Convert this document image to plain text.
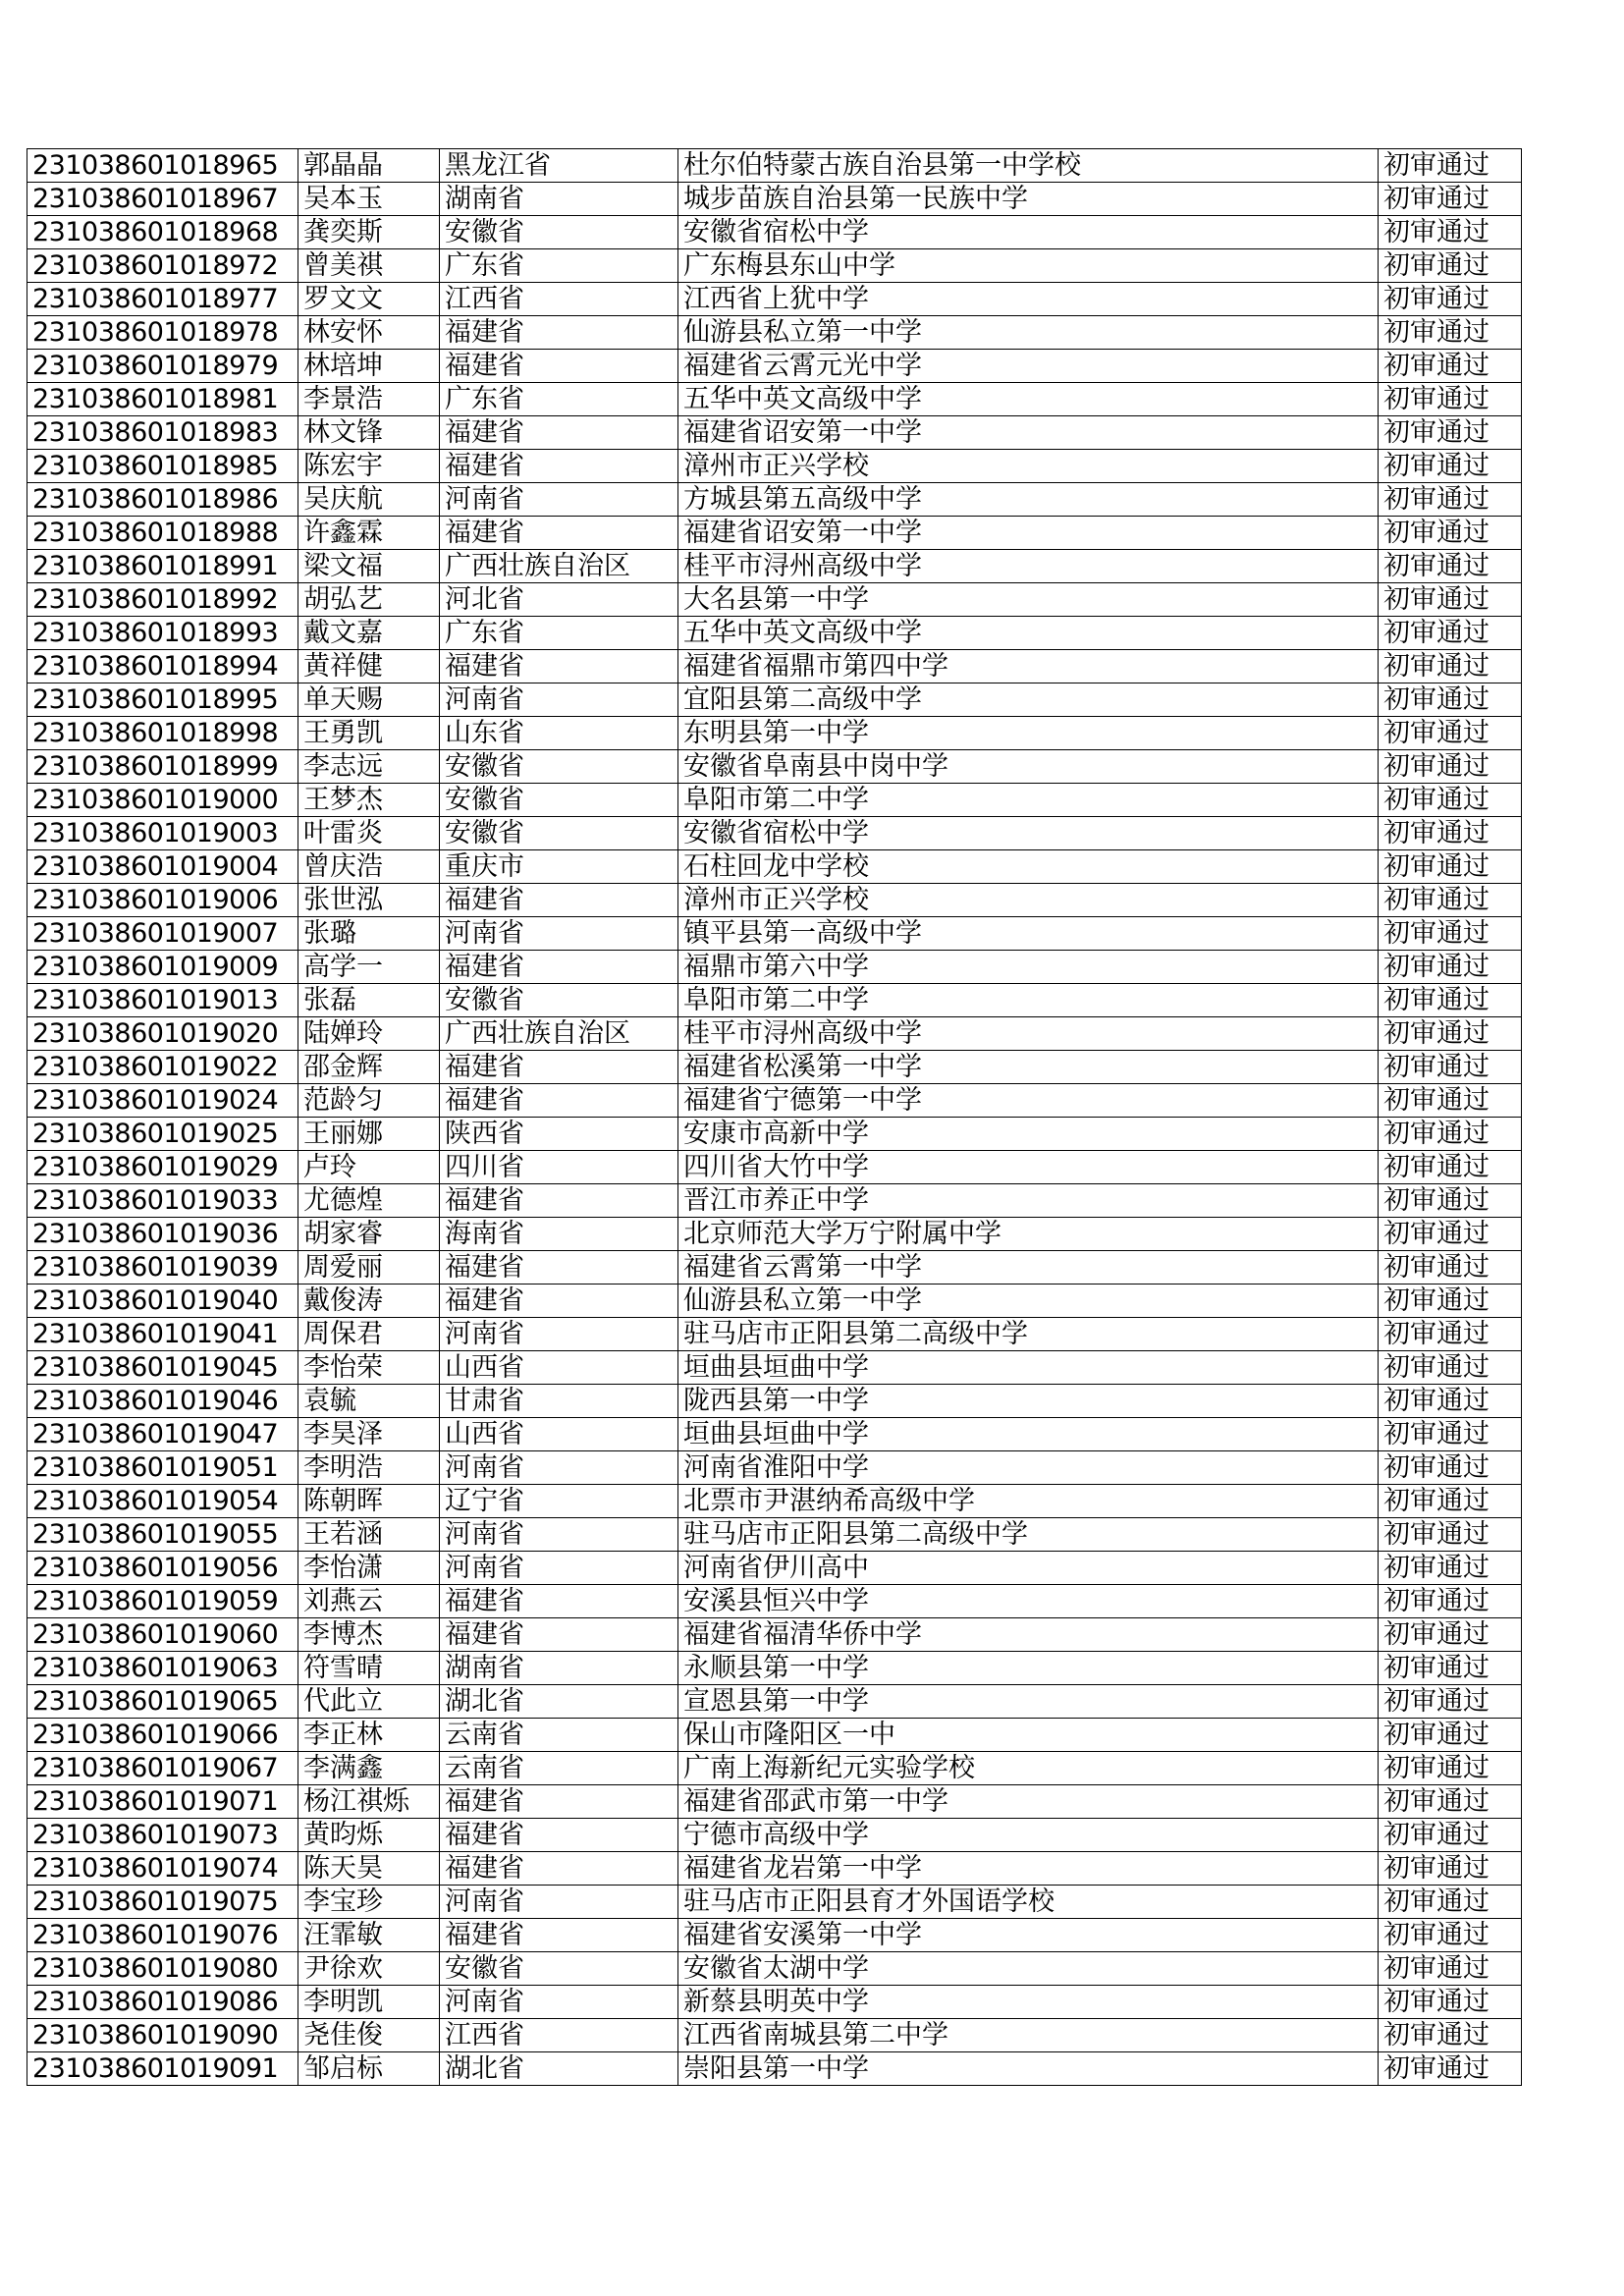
231038601018965	郭晶晶	黑龙江省	杜尔伯特蒙古族自治县第一中学校	初审通过
231038601018967	吴本玉	湖南省	城步苗族自治县第一民族中学	初审通过
231038601018968	龚奕斯	安徽省	安徽省宿松中学	初审通过
231038601018972	曾美祺	广东省	广东梅县东山中学	初审通过
231038601018977	罗文文	江西省	江西省上犹中学	初审通过
231038601018978	林安怀	福建省	仙游县私立第一中学	初审通过
231038601018979	林培坤	福建省	福建省云霄元光中学	初审通过
231038601018981	李景浩	广东省	五华中英文高级中学	初审通过
231038601018983	林文锋	福建省	福建省诏安第一中学	初审通过
231038601018985	陈宏宇	福建省	漳州市正兴学校	初审通过
231038601018986	吴庆航	河南省	方城县第五高级中学	初审通过
231038601018988	许鑫霖	福建省	福建省诏安第一中学	初审通过
231038601018991	梁文福	广西壮族自治区	桂平市浔州高级中学	初审通过
231038601018992	胡弘艺	河北省	大名县第一中学	初审通过
231038601018993	戴文嘉	广东省	五华中英文高级中学	初审通过
231038601018994	黄祥健	福建省	福建省福鼎市第四中学	初审通过
231038601018995	单天赐	河南省	宜阳县第二高级中学	初审通过
231038601018998	王勇凯	山东省	东明县第一中学	初审通过
231038601018999	李志远	安徽省	安徽省阜南县中岗中学	初审通过
231038601019000	王梦杰	安徽省	阜阳市第二中学	初审通过
231038601019003	叶雷炎	安徽省	安徽省宿松中学	初审通过
231038601019004	曾庆浩	重庆市	石柱回龙中学校	初审通过
231038601019006	张世泓	福建省	漳州市正兴学校	初审通过
231038601019007	张璐	河南省	镇平县第一高级中学	初审通过
231038601019009	高学一	福建省	福鼎市第六中学	初审通过
231038601019013	张磊	安徽省	阜阳市第二中学	初审通过
231038601019020	陆婵玲	广西壮族自治区	桂平市浔州高级中学	初审通过
231038601019022	邵金辉	福建省	福建省松溪第一中学	初审通过
231038601019024	范龄匀	福建省	福建省宁德第一中学	初审通过
231038601019025	王丽娜	陕西省	安康市高新中学	初审通过
231038601019029	卢玲	四川省	四川省大竹中学	初审通过
231038601019033	尤德煌	福建省	晋江市养正中学	初审通过
231038601019036	胡家睿	海南省	北京师范大学万宁附属中学	初审通过
231038601019039	周爱丽	福建省	福建省云霄第一中学	初审通过
231038601019040	戴俊涛	福建省	仙游县私立第一中学	初审通过
231038601019041	周保君	河南省	驻马店市正阳县第二高级中学	初审通过
231038601019045	李怡荣	山西省	垣曲县垣曲中学	初审通过
231038601019046	袁毓	甘肃省	陇西县第一中学	初审通过
231038601019047	李昊泽	山西省	垣曲县垣曲中学	初审通过
231038601019051	李明浩	河南省	河南省淮阳中学	初审通过
231038601019054	陈朝晖	辽宁省	北票市尹湛纳希高级中学	初审通过
231038601019055	王若涵	河南省	驻马店市正阳县第二高级中学	初审通过
231038601019056	李怡潇	河南省	河南省伊川高中	初审通过
231038601019059	刘燕云	福建省	安溪县恒兴中学	初审通过
231038601019060	李博杰	福建省	福建省福清华侨中学	初审通过
231038601019063	符雪晴	湖南省	永顺县第一中学	初审通过
231038601019065	代此立	湖北省	宣恩县第一中学	初审通过
231038601019066	李正林	云南省	保山市隆阳区一中	初审通过
231038601019067	李满鑫	云南省	广南上海新纪元实验学校	初审通过
231038601019071	杨江祺烁	福建省	福建省邵武市第一中学	初审通过
231038601019073	黄昀烁	福建省	宁德市高级中学	初审通过
231038601019074	陈天昊	福建省	福建省龙岩第一中学	初审通过
231038601019075	李宝珍	河南省	驻马店市正阳县育才外国语学校	初审通过
231038601019076	汪霏敏	福建省	福建省安溪第一中学	初审通过
231038601019080	尹徐欢	安徽省	安徽省太湖中学	初审通过
231038601019086	李明凯	河南省	新蔡县明英中学	初审通过
231038601019090	尧佳俊	江西省	江西省南城县第二中学	初审通过
231038601019091	邹启标	湖北省	崇阳县第一中学	初审通过
